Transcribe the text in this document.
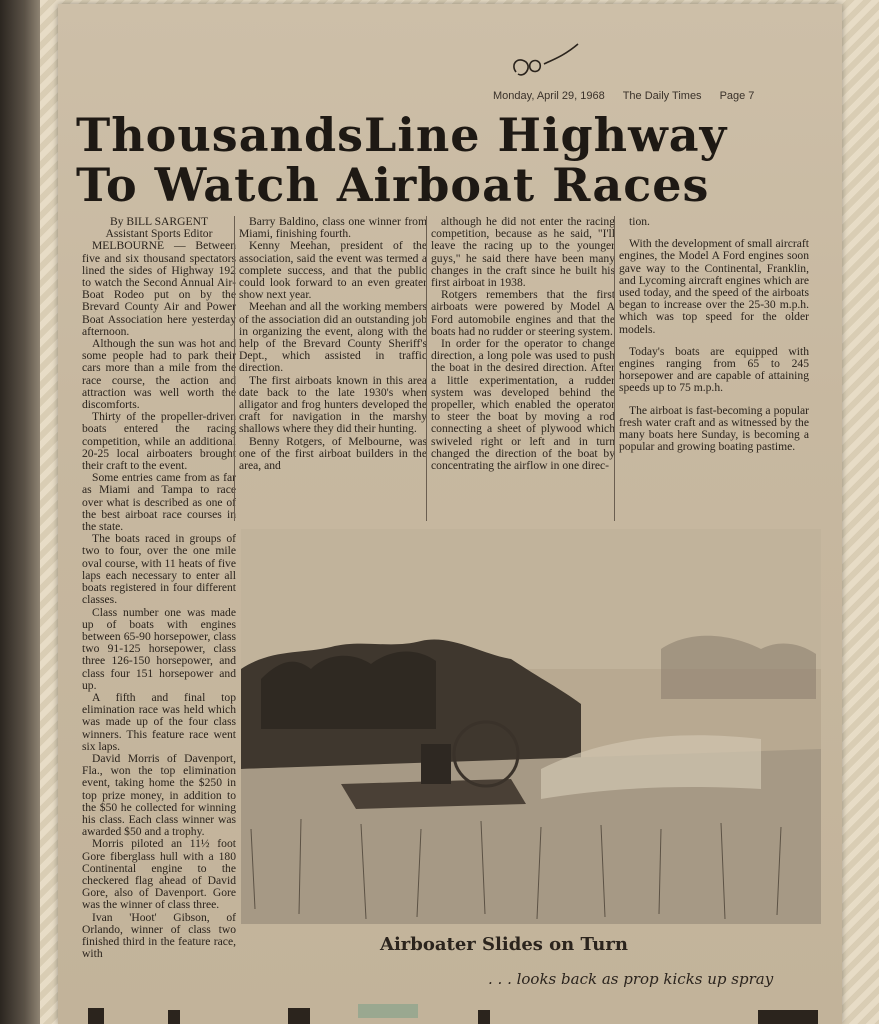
Monday, April 29, 1968 The Daily Times Page 7
ThousandsLine Highway
To Watch Airboat Races

By BILL SARGENT

Assistant Sports Editor

MELBOURNE — Between five and six thousand spectators lined the sides of Highway 192 to watch the Second Annual Air-Boat Rodeo put on by the Brevard County Air and Power Boat Association here yesterday afternoon.

Although the sun was hot and some people had to park their cars more than a mile from the race course, the action and attraction was well worth the discomforts.

Thirty of the propeller-driven boats entered the racing competition, while an additional 20-25 local airboaters brought their craft to the event.

Some entries came from as far as Miami and Tampa to race over what is described as one of the best airboat race courses in the state.

The boats raced in groups of two to four, over the one mile oval course, with 11 heats of five laps each necessary to enter all boats registered in four different classes.

Class number one was made up of boats with engines between 65-90 horsepower, class two 91-125 horsepower, class three 126-150 horsepower, and class four 151 horsepower and up.

A fifth and final top elimination race was held which was made up of the four class winners. This feature race went six laps.

David Morris of Davenport, Fla., won the top elimination event, taking home the $250 in top prize money, in addition to the $50 he collected for winning his class. Each class winner was awarded $50 and a trophy.

Morris piloted an 11½ foot Gore fiberglass hull with a 180 Continental engine to the checkered flag ahead of David Gore, also of Davenport. Gore was the winner of class three.

Ivan 'Hoot' Gibson, of Orlando, winner of class two finished third in the feature race, with

Barry Baldino, class one winner from Miami, finishing fourth.

Kenny Meehan, president of the association, said the event was termed a complete success, and that the public could look forward to an even greater show next year.

Meehan and all the working members of the association did an outstanding job in organizing the event, along with the help of the Brevard County Sheriff's Dept., which assisted in traffic direction.

The first airboats known in this area date back to the late 1930's when alligator and frog hunters developed the craft for navigation in the marshy shallows where they did their hunting.

Benny Rotgers, of Melbourne, was one of the first airboat builders in the area, and

although he did not enter the racing competition, because as he said, "I'll leave the racing up to the younger guys," he said there have been many changes in the craft since he built his first airboat in 1938.

Rotgers remembers that the first airboats were powered by Model A Ford automobile engines and that the boats had no rudder or steering system.

In order for the operator to change direction, a long pole was used to push the boat in the desired direction. After a little experimentation, a rudder system was developed behind the propeller, which enabled the operator to steer the boat by moving a rod connecting a sheet of plywood which swiveled right or left and in turn changed the direction of the boat by concentrating the airflow in one direc-

tion.

With the development of small aircraft engines, the Model A Ford engines soon gave way to the Continental, Franklin, and Lycoming aircraft engines which are used today, and the speed of the airboats began to increase over the 25-30 m.p.h. which was top speed for the older models.

Today's boats are equipped with engines ranging from 65 to 245 horsepower and are capable of attaining speeds up to 75 m.p.h.

The airboat is fast-becoming a popular fresh water craft and as witnessed by the many boats here Sunday, is becoming a popular and growing boating pastime.

Airboater Slides on Turn
. . . looks back as prop kicks up spray
